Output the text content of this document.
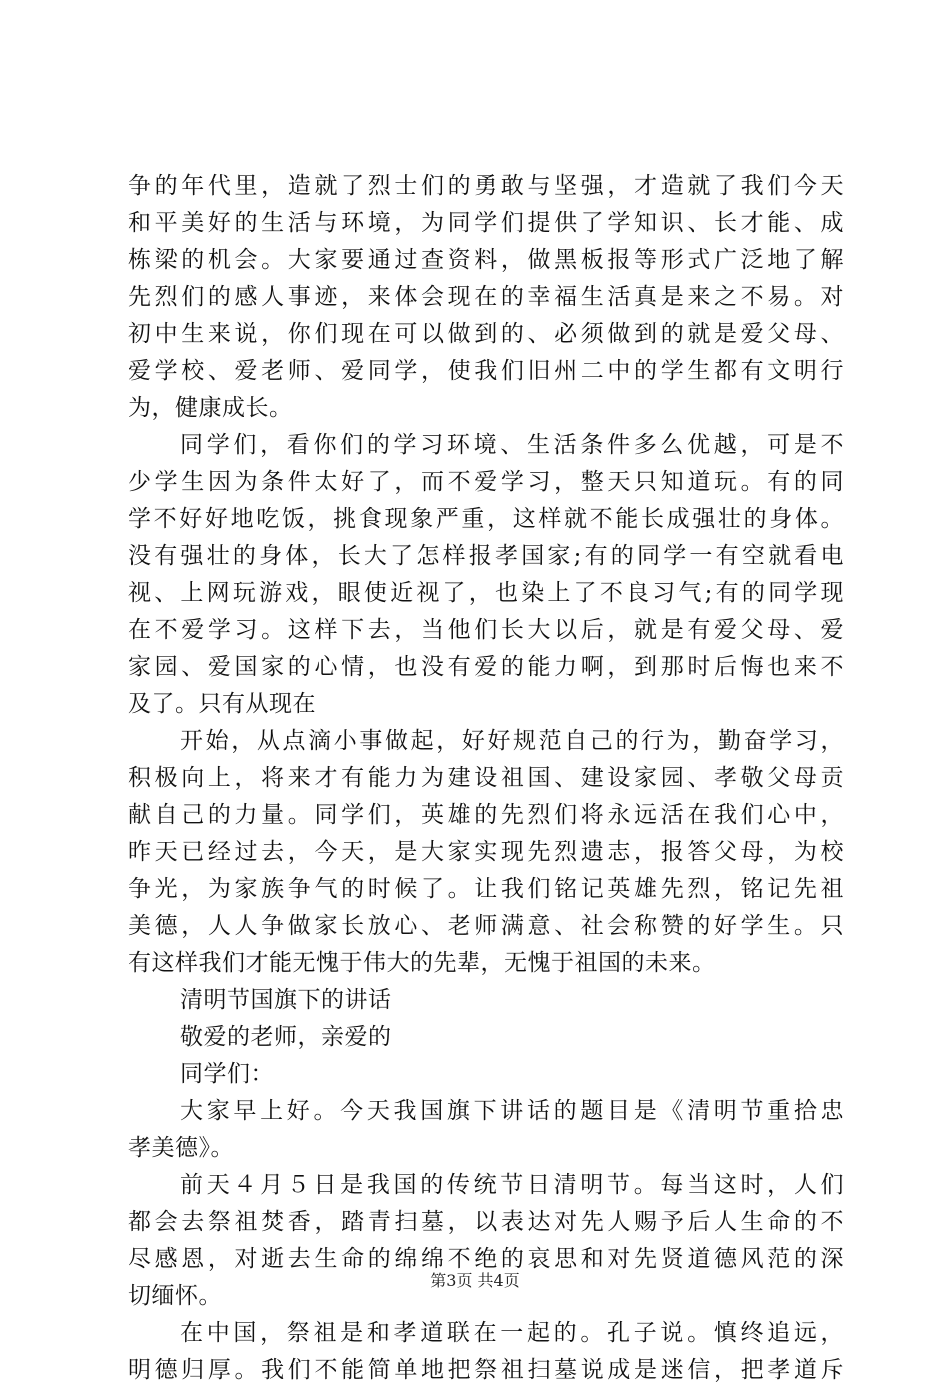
争的年代里，造就了烈士们的勇敢与坚强，才造就了我们今天
和平美好的生活与环境，为同学们提供了学知识、长才能、成
栋梁的机会。大家要通过查资料，做黑板报等形式广泛地了解
先烈们的感人事迹，来体会现在的幸福生活真是来之不易。对
初中生来说，你们现在可以做到的、必须做到的就是爱父母、
爱学校、爱老师、爱同学，使我们旧州二中的学生都有文明行
为，健康成长。
同学们，看你们的学习环境、生活条件多么优越，可是不
少学生因为条件太好了，而不爱学习，整天只知道玩。有的同
学不好好地吃饭，挑食现象严重，这样就不能长成强壮的身体。
没有强壮的身体，长大了怎样报孝国家;有的同学一有空就看电
视、上网玩游戏，眼使近视了，也染上了不良习气;有的同学现
在不爱学习。这样下去，当他们长大以后，就是有爱父母、爱
家园、爱国家的心情，也没有爱的能力啊，到那时后悔也来不
及了。只有从现在
开始，从点滴小事做起，好好规范自己的行为，勤奋学习，
积极向上，将来才有能力为建设祖国、建设家园、孝敬父母贡
献自己的力量。同学们，英雄的先烈们将永远活在我们心中，
昨天已经过去，今天，是大家实现先烈遗志，报答父母，为校
争光，为家族争气的时候了。让我们铭记英雄先烈，铭记先祖
美德，人人争做家长放心、老师满意、社会称赞的好学生。只
有这样我们才能无愧于伟大的先辈，无愧于祖国的未来。
清明节国旗下的讲话
敬爱的老师，亲爱的
同学们：
大家早上好。今天我国旗下讲话的题目是《清明节重拾忠
孝美德》。
前天４月５日是我国的传统节日清明节。每当这时，人们
都会去祭祖焚香，踏青扫墓，以表达对先人赐予后人生命的不
尽感恩，对逝去生命的绵绵不绝的哀思和对先贤道德风范的深
切缅怀。
在中国，祭祖是和孝道联在一起的。孔子说。慎终追远，
明德归厚。我们不能简单地把祭祖扫墓说成是迷信，把孝道斥
第3页 共4页
